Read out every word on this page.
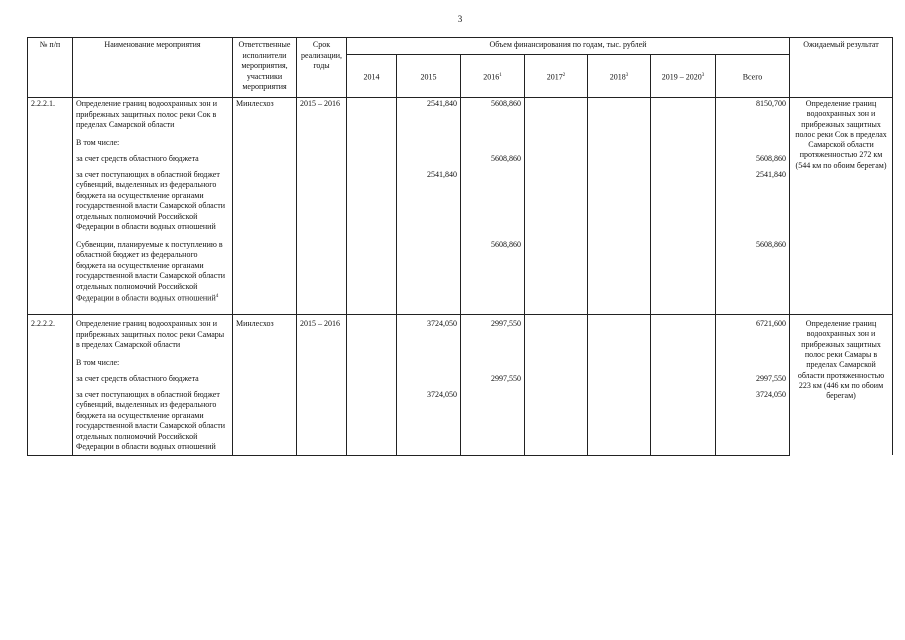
3
№ п/п	Наименование мероприятия	Ответственные исполнители мероприятия, участники мероприятия	Срок реализации, годы	Объем финансирования по годам, тыс. рублей							Ожидаемый результат
				2014	2015	2016$^1$	2017$^2$	2018$^3$	2019 – 2020$^3$	Всего	
2.2.2.1.	Определение границ водоохранных зон и прибрежных защитных полос реки Сок в пределах Самарской области	Минлесхоз	2015 – 2016		2541,840	5608,860				8150,700	Определение границ водоохранных зон и прибрежных защитных полос реки Сок в пределах Самарской области протяженностью 272 км (544 км по обоим берегам)
	В том числе:										
	за счет средств областного бюджета					5608,860				5608,860	
	за счет поступающих в областной бюджет субвенций, выделенных из федерального бюджета на осуществление органами государственной власти Самарской области отдельных полномочий Российской Федерации в области водных отношений				2541,840					2541,840	
	Субвенции, планируемые к поступлению в областной бюджет из федерального бюджета на осуществление органами государственной власти Самарской области отдельных полномочий Российской Федерации в области водных отношений$^4$					5608,860				5608,860	

2.2.2.2.	Определение границ водоохранных зон и прибрежных защитных полос реки Самары в пределах Самарской области	Минлесхоз	2015 – 2016		3724,050	2997,550				6721,600	Определение границ водоохранных зон и прибрежных защитных полос реки Самары в пределах Самарской области протяженностью 223 км (446 км по обоим берегам)
	В том числе:										
	за счет средств областного бюджета					2997,550				2997,550	
	за счет поступающих в областной бюджет субвенций, выделенных из федерального бюджета на осуществление органами государственной власти Самарской области отдельных полномочий Российской Федерации в области водных отношений				3724,050					3724,050	
